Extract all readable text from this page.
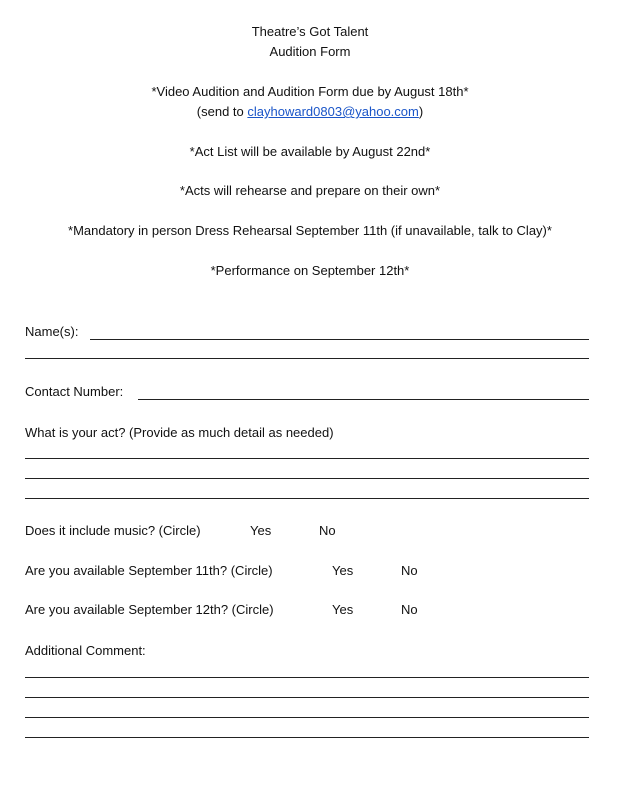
Theatre’s Got Talent
Audition Form
*Video Audition and Audition Form due by August 18th*
(send to clayhoward0803@yahoo.com)
*Act List will be available by August 22nd*
*Acts will rehearse and prepare on their own*
*Mandatory in person Dress Rehearsal September 11th (if unavailable, talk to Clay)*
*Performance on September 12th*
Name(s):
Contact Number:
What is your act? (Provide as much detail as needed)
Does it include music? (Circle)	Yes	No
Are you available September 11th? (Circle)	Yes	No
Are you available September 12th? (Circle)	Yes	No
Additional Comment:
